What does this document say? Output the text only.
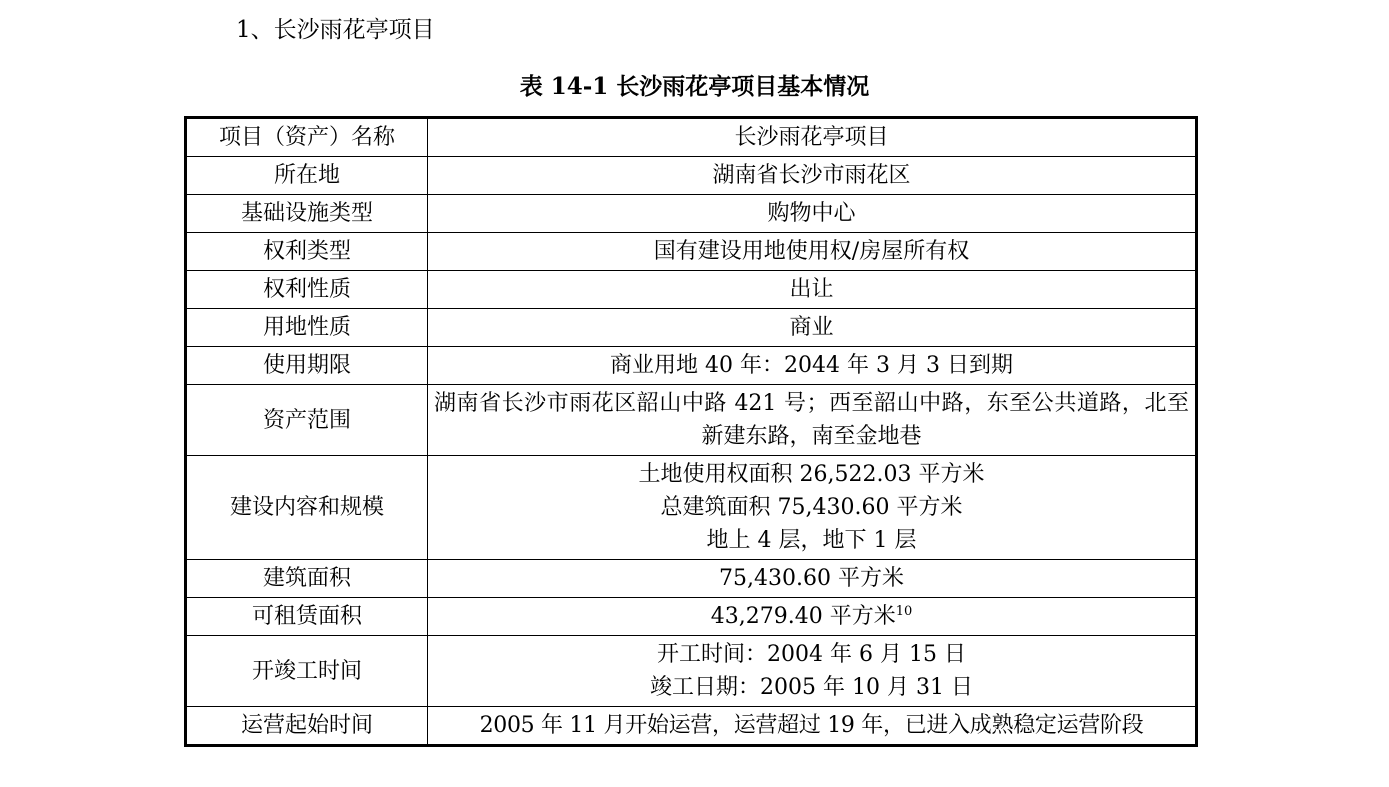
1、长沙雨花亭项目
表 14-1 长沙雨花亭项目基本情况
项目（资产）名称	长沙雨花亭项目

所在地	湖南省长沙市雨花区

基础设施类型	购物中心

权利类型	国有建设用地使用权/房屋所有权

权利性质	出让

用地性质	商业

使用期限	商业用地 40 年：2044 年 3 月 3 日到期

资产范围	湖南省长沙市雨花区韶山中路 421 号；西至韶山中路，东至公共道路，北至新建东路，南至金地巷
建设内容和规模	土地使用权面积 26,522.03 平方米
总建筑面积 75,430.60 平方米
地上 4 层，地下 1 层

建筑面积	75,430.60 平方米

可租赁面积	43,279.40 平方米$^{10}$

开竣工时间	开工时间：2004 年 6 月 15 日
竣工日期：2005 年 10 月 31 日

运营起始时间	2005 年 11 月开始运营，运营超过 19 年，已进入成熟稳定运营阶段
